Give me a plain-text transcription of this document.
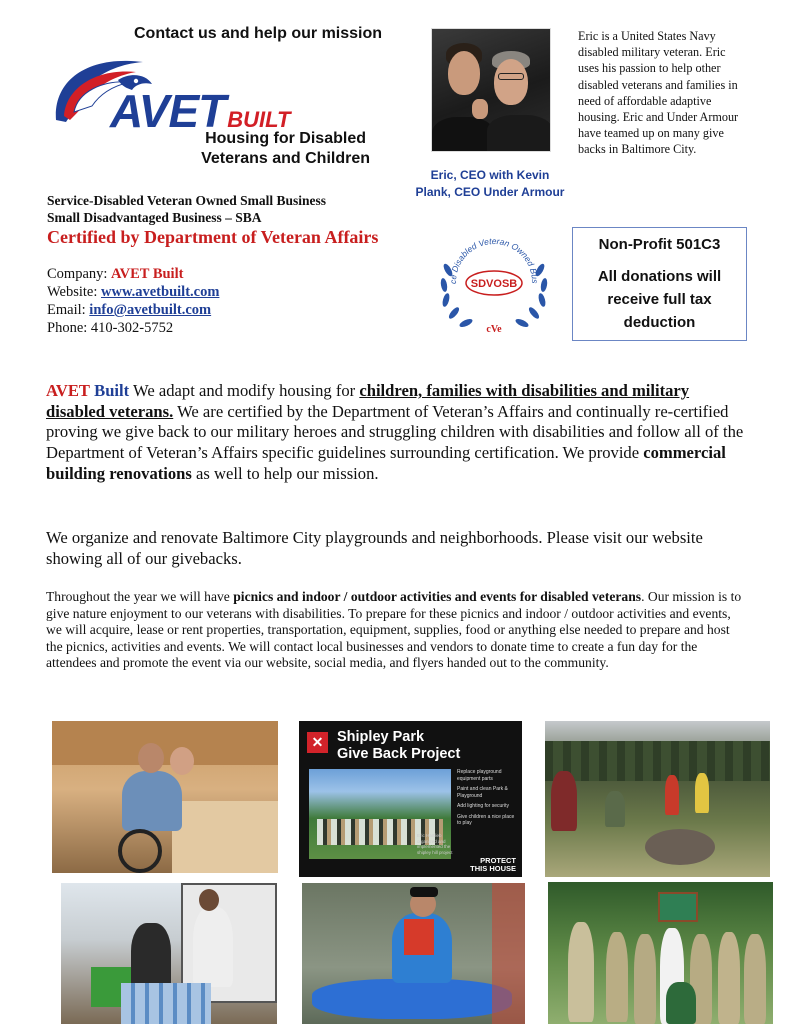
Contact us and help our mission
AVETBUILT
Housing for Disabled
Veterans and Children
Service-Disabled Veteran Owned Small Business
Small Disadvantaged Business – SBA
Certified by Department of Veteran Affairs
Company: AVET Built
Website: www.avetbuilt.com
Email: info@avetbuilt.com
Phone: 410-302-5752
Eric, CEO with Kevin
Plank, CEO Under Armour
Eric is a United States Navy disabled military veteran. Eric uses his passion to help other disabled veterans and families in need of affordable adaptive housing. Eric and Under Armour have teamed up on many give backs in Baltimore City.
ce Disabled Veteran Owned Bus
SDVOSB
cVe
Non-Profit 501C3
All donations will
receive full tax
deduction
AVET Built We adapt and modify housing for children, families with disabilities and military disabled veterans. We are certified by the Department of Veteran’s Affairs and continually re-certified proving we give back to our military heroes and struggling children with disabilities and follow all of the Department of Veteran’s Affairs specific guidelines surrounding certification. We provide commercial building renovations as well to help our mission.
We organize and renovate Baltimore City playgrounds and neighborhoods. Please visit our website showing all of our givebacks.
Throughout the year we will have picnics and indoor / outdoor activities and events for disabled veterans. Our mission is to give nature enjoyment to our veterans with disabilities. To prepare for these picnics and indoor / outdoor activities and events, we will acquire, lease or rent properties, transportation, equipment, supplies, food or anything else needed to prepare and host the picnics, activities and events. We will contact local businesses and vendors to donate time to create a fun day for the attendees and promote the event via our website, social media, and flyers handed out to the community.
✕ Shipley Park
Give Back Project
Replace playground equipment parts
Paint and clean Park & Playground
Add lighting for security
Give children a nice place to play
Eric Hartlieb organized and implemented the shipley hill project
PROTECT
THIS HOUSE
